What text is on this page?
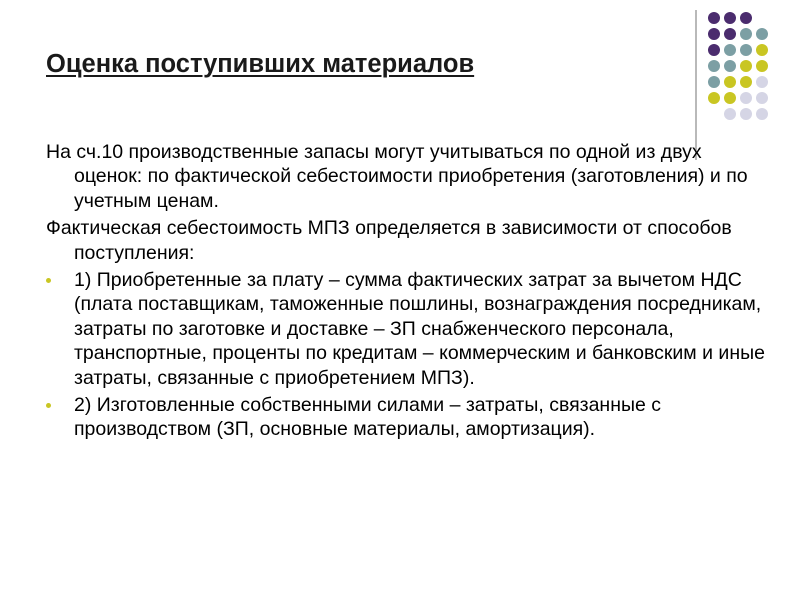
Оценка поступивших материалов

На сч.10 производственные запасы могут учитываться по одной из двух оценок: по фактической себестоимости приобретения (заготовления) и по учетным ценам.

Фактическая себестоимость МПЗ определяется в зависимости от способов поступления:

1) Приобретенные за плату – сумма фактических затрат за вычетом НДС (плата поставщикам, таможенные пошлины, вознаграждения посредникам, затраты по заготовке и доставке – ЗП снабженческого персонала, транспортные, проценты по кредитам – коммерческим и банковским и иные затраты, связанные с приобретением МПЗ).
2) Изготовленные собственными силами – затраты, связанные с производством (ЗП, основные материалы, амортизация).
